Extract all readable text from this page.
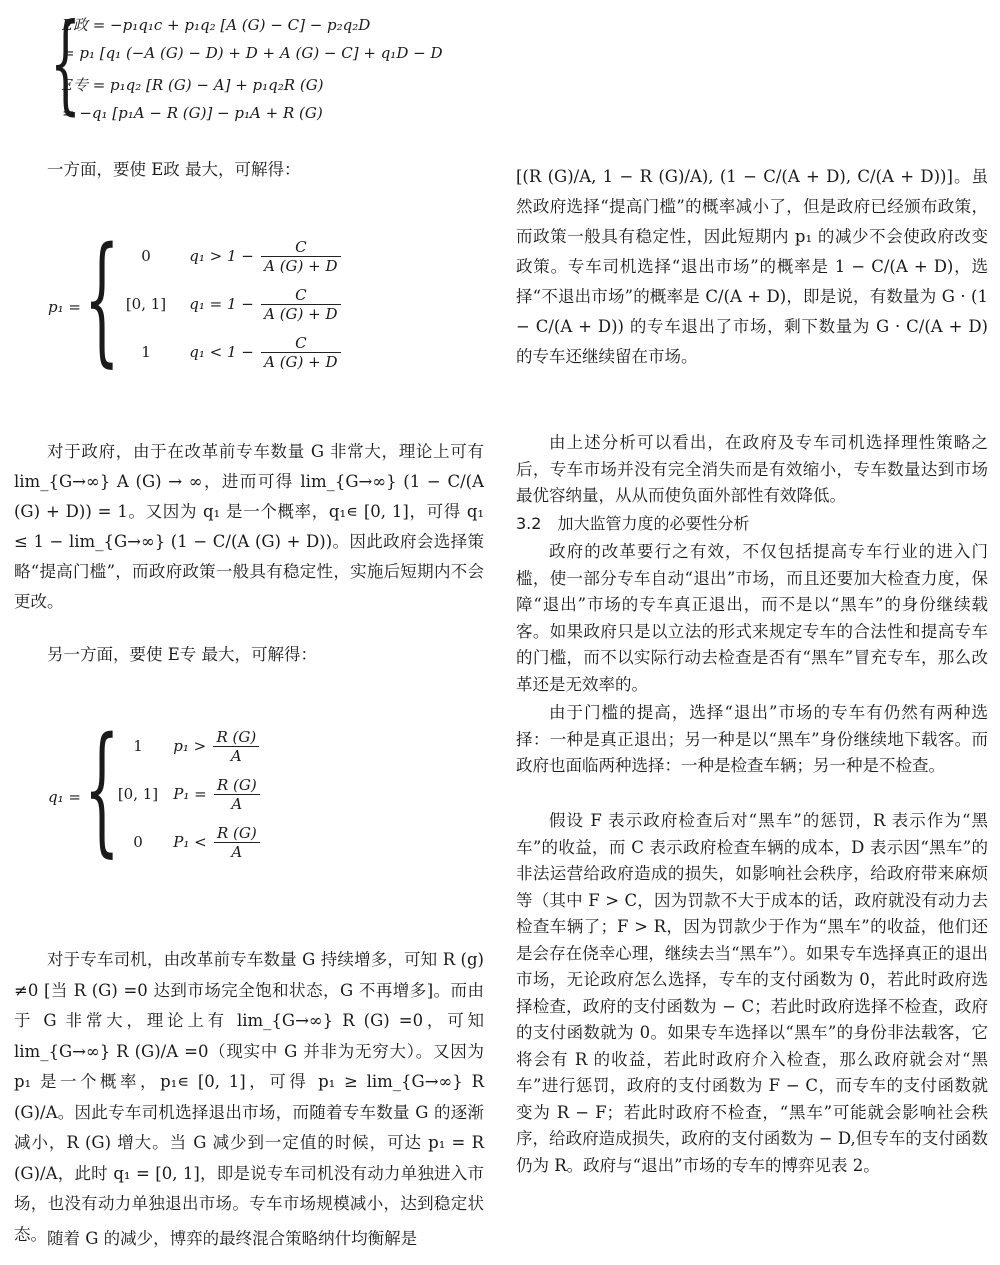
{
E政 = −p₁q₁c + p₁q₂ [A (G) − C] − p₂q₂D
= p₁ [q₁ (−A (G) − D) + D + A (G) − C] + q₁D − D
E专 = p₁q₂ [R (G) − A] + p₁q₂R (G)
= −q₁ [p₁A − R (G)] − p₁A + R (G)

一方面，要使 E政 最大，可解得：

p₁ = {	0	$q_1 > 1 - \frac{C}{A (G) + D}$
[0, 1] $q_1 = 1 - \frac{C}{A (G) + D}$
1	$q_1 < 1 - \frac{C}{A (G) + D}$

对于政府，由于在改革前专车数量 G 非常大，理论上可有 lim_{G→∞} A (G) → ∞，进而可得 lim_{G→∞} (1 − C/(A (G) + D)) = 1。又因为 q₁ 是一个概率，q₁∊ [0, 1]，可得 q₁ ≤ 1 − lim_{G→∞} (1 − C/(A (G) + D))。因此政府会选择策略“提高门槛”，而政府政策一般具有稳定性，实施后短期内不会更改。

另一方面，要使 E专 最大，可解得：

q₁ = { 1 $p_1 > \frac{R (G)}{A}$
[0, 1] $P_1 = \frac{R (G)}{A}$
0 $P_1 < \frac{R (G)}{A}$

对于专车司机，由改革前专车数量 G 持续增多，可知 R (g) ≠0 [当 R (G) =0 达到市场完全饱和状态，G 不再增多]。而由于 G 非常大，理论上有 lim_{G→∞} R (G) =0，可知 lim_{G→∞} R (G)/A =0（现实中 G 并非为无穷大）。又因为 p₁ 是一个概率，p₁∊ [0, 1]，可得 p₁ ≥ lim_{G→∞} R (G)/A。因此专车司机选择退出市场，而随着专车数量 G 的逐渐减小，R (G) 增大。当 G 减少到一定值的时候，可达 p₁ = R (G)/A，此时 q₁ = [0, 1]，即是说专车司机没有动力单独进入市场，也没有动力单独退出市场。专车市场规模减小，达到稳定状态。 随着 G 的减少，博弈的最终混合策略纳什均衡解是

[(R (G)/A, 1 − R (G)/A), (1 − C/(A + D), C/(A + D))]。虽然政府选择“提高门槛”的概率减小了，但是政府已经颁布政策，而政策一般具有稳定性，因此短期内 p₁ 的减少不会使政府改变政策。专车司机选择“退出市场”的概率是 1 − C/(A + D)，选择“不退出市场”的概率是 C/(A + D)，即是说，有数量为 G · (1 − C/(A + D)) 的专车退出了市场，剩下数量为 G · C/(A + D) 的专车还继续留在市场。

由上述分析可以看出，在政府及专车司机选择理性策略之后，专车市场并没有完全消失而是有效缩小，专车数量达到市场最优容纳量，从从而使负面外部性有效降低。

3.2　加大监管力度的必要性分析

政府的改革要行之有效，不仅包括提高专车行业的进入门槛，使一部分专车自动“退出”市场，而且还要加大检查力度，保障“退出”市场的专车真正退出，而不是以“黑车”的身份继续载客。如果政府只是以立法的形式来规定专车的合法性和提高专车的门槛，而不以实际行动去检查是否有“黑车”冒充专车，那么改革还是无效率的。

由于门槛的提高，选择“退出”市场的专车有仍然有两种选择：一种是真正退出；另一种是以“黑车”身份继续地下载客。而政府也面临两种选择：一种是检查车辆；另一种是不检查。

假设 F 表示政府检查后对“黑车”的惩罚，R 表示作为“黑车”的收益，而 C 表示政府检查车辆的成本，D 表示因“黑车”的非法运营给政府造成的损失，如影响社会秩序，给政府带来麻烦等（其中 F > C，因为罚款不大于成本的话，政府就没有动力去检查车辆了；F > R，因为罚款少于作为“黑车”的收益，他们还是会存在侥幸心理，继续去当“黑车”）。如果专车选择真正的退出市场，无论政府怎么选择，专车的支付函数为 0，若此时政府选择检查，政府的支付函数为 − C；若此时政府选择不检查，政府的支付函数就为 0。如果专车选择以“黑车”的身份非法载客，它将会有 R 的收益，若此时政府介入检查，那么政府就会对“黑车”进行惩罚，政府的支付函数为 F − C，而专车的支付函数就变为 R − F；若此时政府不检查，“黑车”可能就会影响社会秩序，给政府造成损失，政府的支付函数为 − D,但专车的支付函数仍为 R。政府与“退出”市场的专车的博弈见表 2。
